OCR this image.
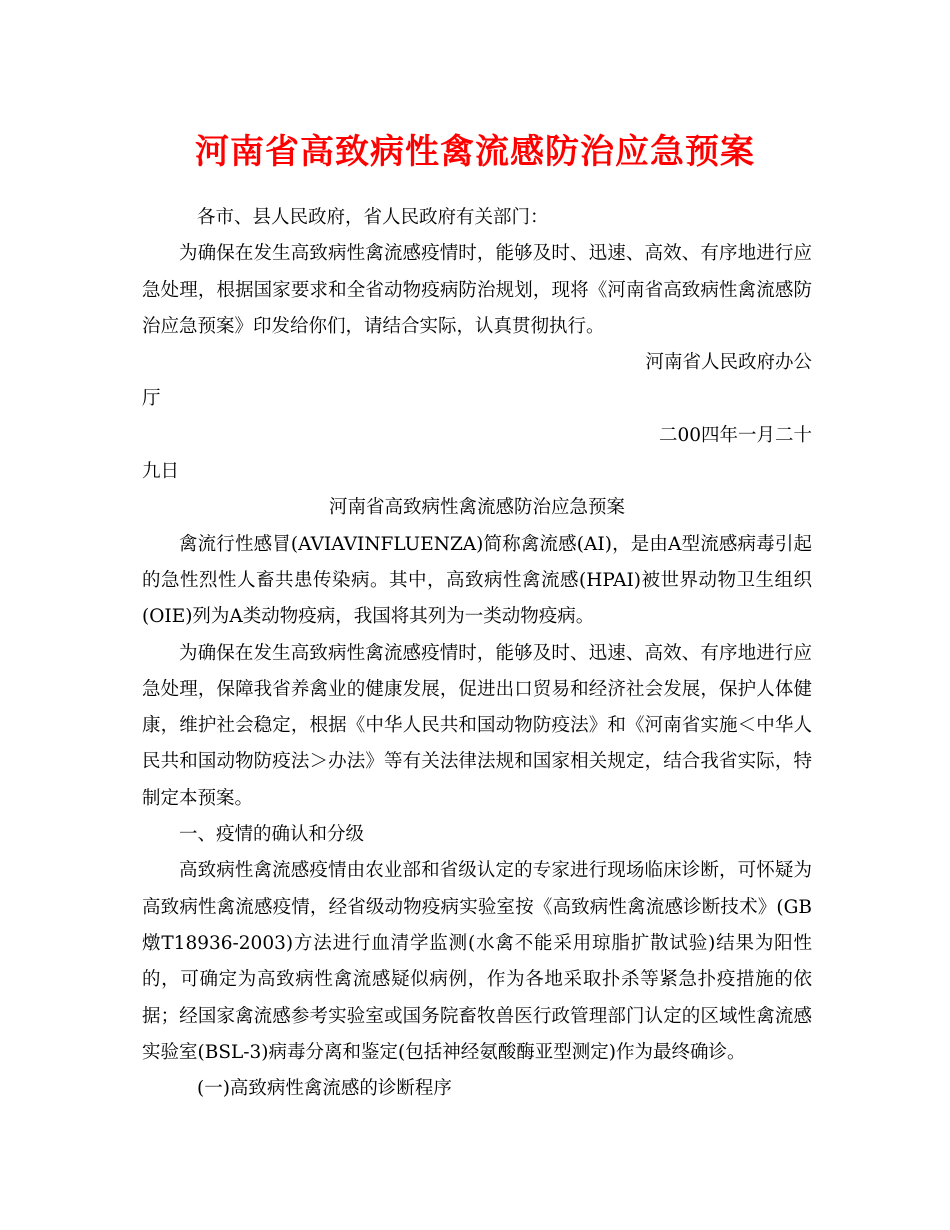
河南省高致病性禽流感防治应急预案

各市、县人民政府，省人民政府有关部门：

为确保在发生高致病性禽流感疫情时，能够及时、迅速、高效、有序地进行应急处理，根据国家要求和全省动物疫病防治规划，现将《河南省高致病性禽流感防治应急预案》印发给你们，请结合实际，认真贯彻执行。

河南省人民政府办公

厅

二00四年一月二十

九日

河南省高致病性禽流感防治应急预案

禽流行性感冒(AVIAVINFLUENZA)简称禽流感(AI)，是由A型流感病毒引起的急性烈性人畜共患传染病。其中，高致病性禽流感(HPAI)被世界动物卫生组织(OIE)列为A类动物疫病，我国将其列为一类动物疫病。

为确保在发生高致病性禽流感疫情时，能够及时、迅速、高效、有序地进行应急处理，保障我省养禽业的健康发展，促进出口贸易和经济社会发展，保护人体健康，维护社会稳定，根据《中华人民共和国动物防疫法》和《河南省实施＜中华人民共和国动物防疫法＞办法》等有关法律法规和国家相关规定，结合我省实际，特制定本预案。

一、疫情的确认和分级

高致病性禽流感疫情由农业部和省级认定的专家进行现场临床诊断，可怀疑为高致病性禽流感疫情，经省级动物疫病实验室按《高致病性禽流感诊断技术》(GB燉T18936-2003)方法进行血清学监测(水禽不能采用琼脂扩散试验)结果为阳性的，可确定为高致病性禽流感疑似病例，作为各地采取扑杀等紧急扑疫措施的依据；经国家禽流感参考实验室或国务院畜牧兽医行政管理部门认定的区域性禽流感实验室(BSL-3)病毒分离和鉴定(包括神经氨酸酶亚型测定)作为最终确诊。

(一)高致病性禽流感的诊断程序
